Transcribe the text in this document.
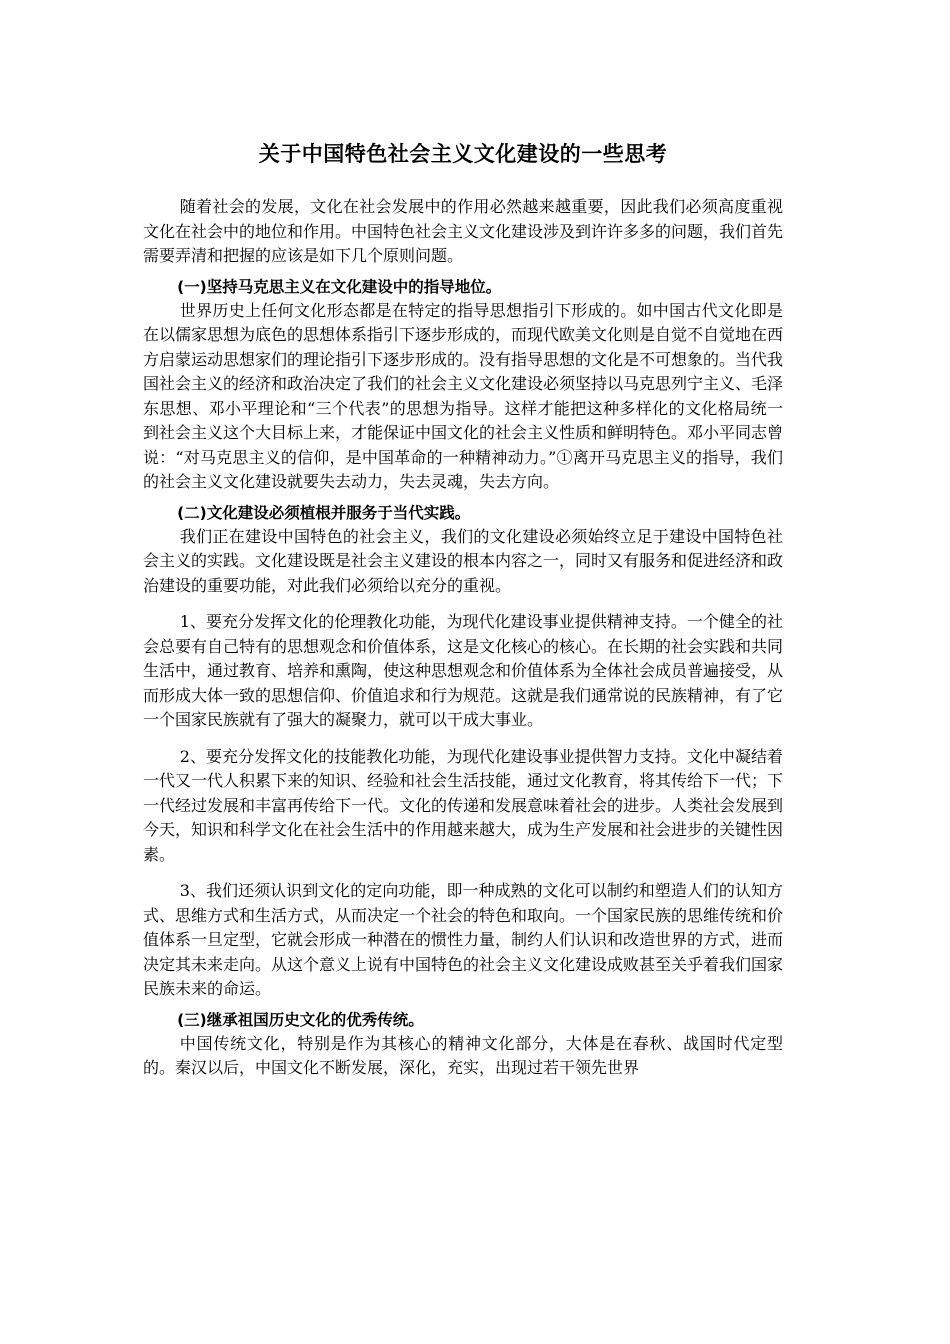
关于中国特色社会主义文化建设的一些思考

随着社会的发展，文化在社会发展中的作用必然越来越重要，因此我们必须高度重视文化在社会中的地位和作用。中国特色社会主义文化建设涉及到许许多多的问题，我们首先需要弄清和把握的应该是如下几个原则问题。

(一)坚持马克思主义在文化建设中的指导地位。

世界历史上任何文化形态都是在特定的指导思想指引下形成的。如中国古代文化即是在以儒家思想为底色的思想体系指引下逐步形成的，而现代欧美文化则是自觉不自觉地在西方启蒙运动思想家们的理论指引下逐步形成的。没有指导思想的文化是不可想象的。当代我国社会主义的经济和政治决定了我们的社会主义文化建设必须坚持以马克思列宁主义、毛泽东思想、邓小平理论和“三个代表”的思想为指导。这样才能把这种多样化的文化格局统一到社会主义这个大目标上来，才能保证中国文化的社会主义性质和鲜明特色。邓小平同志曾说：“对马克思主义的信仰，是中国革命的一种精神动力。”①离开马克思主义的指导，我们的社会主义文化建设就要失去动力，失去灵魂，失去方向。

(二)文化建设必须植根并服务于当代实践。

我们正在建设中国特色的社会主义，我们的文化建设必须始终立足于建设中国特色社会主义的实践。文化建设既是社会主义建设的根本内容之一，同时又有服务和促进经济和政治建设的重要功能，对此我们必须给以充分的重视。

1、要充分发挥文化的伦理教化功能，为现代化建设事业提供精神支持。一个健全的社会总要有自己特有的思想观念和价值体系，这是文化核心的核心。在长期的社会实践和共同生活中，通过教育、培养和熏陶，使这种思想观念和价值体系为全体社会成员普遍接受，从而形成大体一致的思想信仰、价值追求和行为规范。这就是我们通常说的民族精神，有了它一个国家民族就有了强大的凝聚力，就可以干成大事业。

2、要充分发挥文化的技能教化功能，为现代化建设事业提供智力支持。文化中凝结着一代又一代人积累下来的知识、经验和社会生活技能，通过文化教育，将其传给下一代；下一代经过发展和丰富再传给下一代。文化的传递和发展意味着社会的进步。人类社会发展到今天，知识和科学文化在社会生活中的作用越来越大，成为生产发展和社会进步的关键性因素。

3、我们还须认识到文化的定向功能，即一种成熟的文化可以制约和塑造人们的认知方式、思维方式和生活方式，从而决定一个社会的特色和取向。一个国家民族的思维传统和价值体系一旦定型，它就会形成一种潜在的惯性力量，制约人们认识和改造世界的方式，进而决定其未来走向。从这个意义上说有中国特色的社会主义文化建设成败甚至关乎着我们国家民族未来的命运。

(三)继承祖国历史文化的优秀传统。

中国传统文化，特别是作为其核心的精神文化部分，大体是在春秋、战国时代定型的。秦汉以后，中国文化不断发展，深化，充实，出现过若干领先世界
